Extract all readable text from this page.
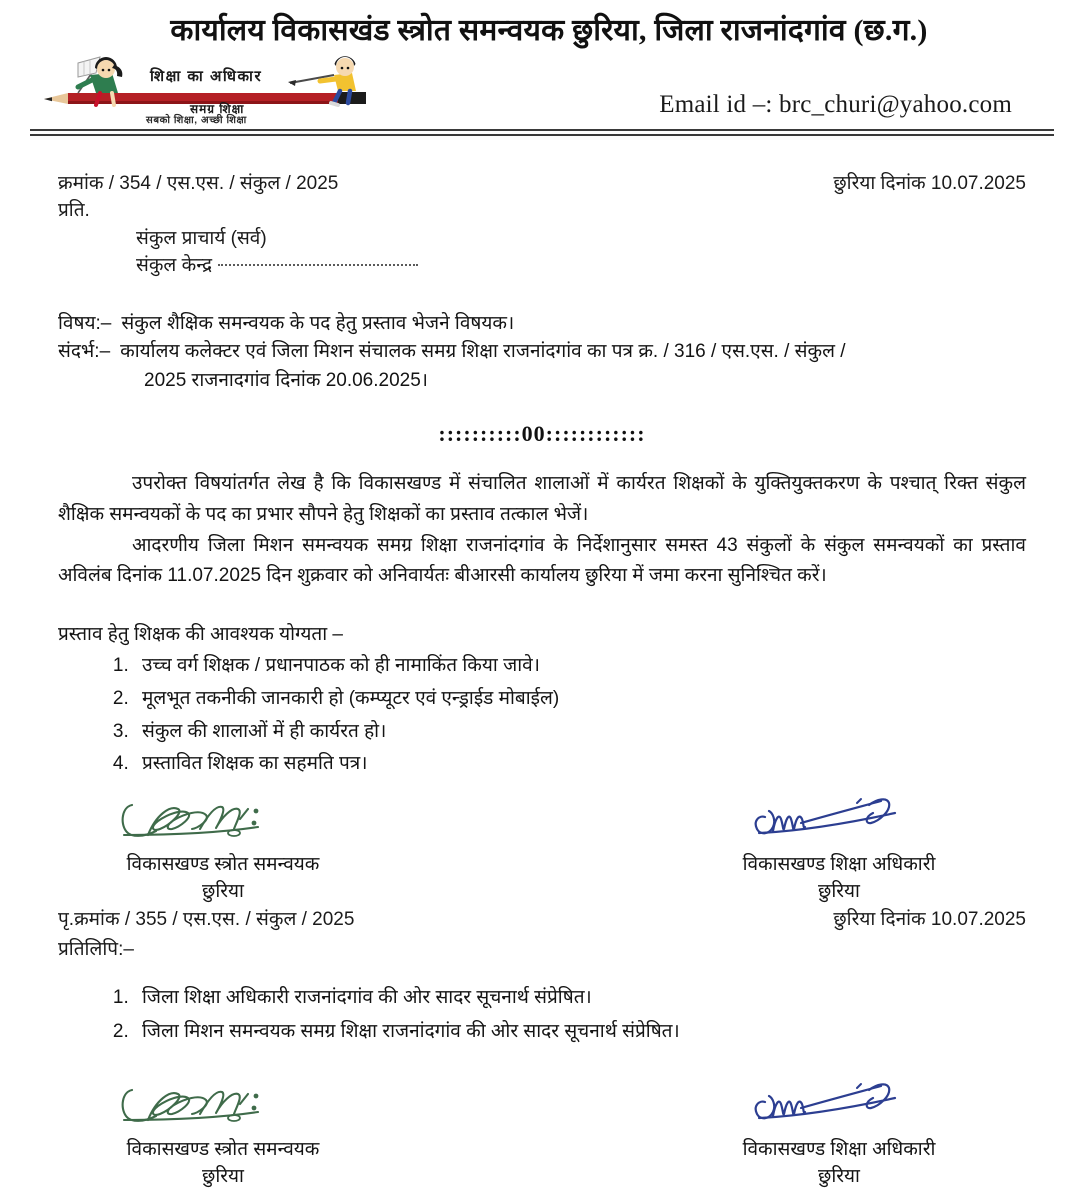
कार्यालय विकासखंड स्त्रोत समन्वयक छुरिया, जिला राजनांदगांव (छ.ग.)
शिक्षा का अधिकार
समग्र शिक्षा
सबको शिक्षा, अच्छी शिक्षा
Email id –: brc_churi@yahoo.com
क्रमांक / 354 / एस.एस. / संकुल / 2025	छुरिया दिनांक 10.07.2025
प्रति.
संकुल प्राचार्य (सर्व)
संकुल केन्द्र
विषय:– संकुल शैक्षिक समन्वयक के पद हेतु प्रस्ताव भेजने विषयक।
संदर्भ:– कार्यालय कलेक्टर एवं जिला मिशन संचालक समग्र शिक्षा राजनांदगांव का पत्र क्र. / 316 / एस.एस. / संकुल /
2025 राजनादगांव दिनांक 20.06.2025।
::::::::::00::::::::::::
उपरोक्त विषयांतर्गत लेख है कि विकासखण्ड में संचालित शालाओं में कार्यरत शिक्षकों के युक्तियुक्तकरण के पश्चात् रिक्त संकुल शैक्षिक समन्वयकों के पद का प्रभार सौपने हेतु शिक्षकों का प्रस्ताव तत्काल भेजें।
आदरणीय जिला मिशन समन्वयक समग्र शिक्षा राजनांदगांव के निर्देशानुसार समस्त 43 संकुलों के संकुल समन्वयकों का प्रस्ताव अविलंब दिनांक 11.07.2025 दिन शुक्रवार को अनिवार्यतः बीआरसी कार्यालय छुरिया में जमा करना सुनिश्चित करें।
प्रस्ताव हेतु शिक्षक की आवश्यक योग्यता –
1. उच्च वर्ग शिक्षक / प्रधानपाठक को ही नामाकिंत किया जावे।
2. मूलभूत तकनीकी जानकारी हो (कम्प्यूटर एवं एन्ड्राईड मोबाईल)
3. संकुल की शालाओं में ही कार्यरत हो।
4. प्रस्तावित शिक्षक का सहमति पत्र।
विकासखण्ड स्त्रोत समन्वयक
छुरिया
विकासखण्ड शिक्षा अधिकारी
छुरिया
पृ.क्रमांक / 355 / एस.एस. / संकुल / 2025	छुरिया दिनांक 10.07.2025
प्रतिलिपि:–
1. जिला शिक्षा अधिकारी राजनांदगांव की ओर सादर सूचनार्थ संप्रेषित।
2. जिला मिशन समन्वयक समग्र शिक्षा राजनांदगांव की ओर सादर सूचनार्थ संप्रेषित।
विकासखण्ड स्त्रोत समन्वयक
छुरिया
विकासखण्ड शिक्षा अधिकारी
छुरिया
